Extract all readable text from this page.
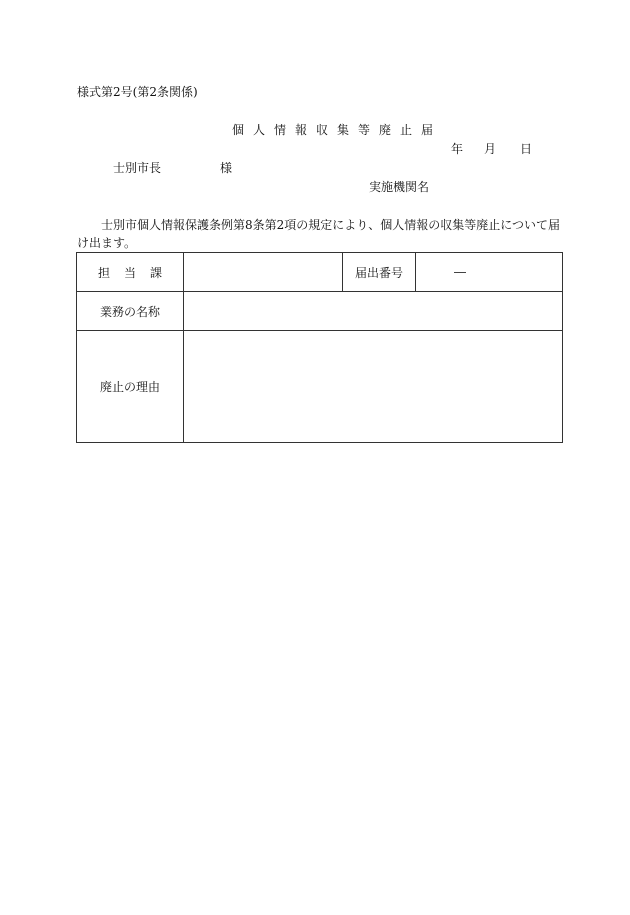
様式第2号(第2条関係)
個人情報収集等廃止届
年 月 日
士別市長	様
実施機関名
士別市個人情報保護条例第8条第2項の規定により、個人情報の収集等廃止について届
け出ます。
担当課		届出番号	―
業務の名称			
廃止の理由			
